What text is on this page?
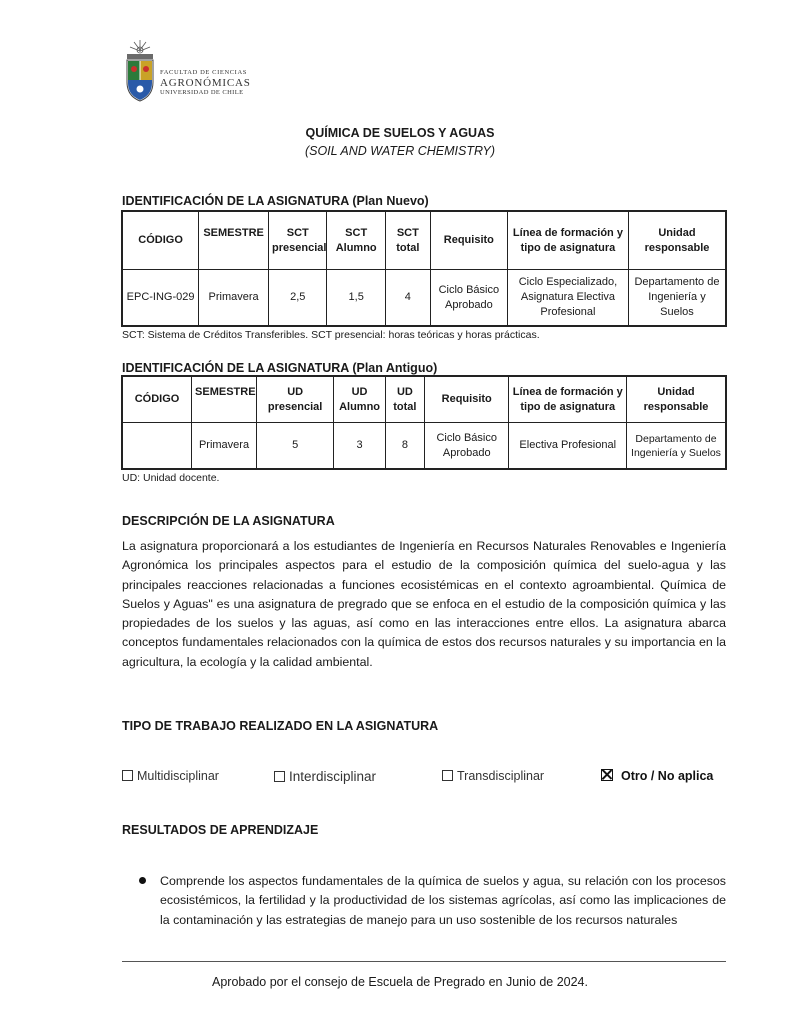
FACULTAD DE CIENCIAS
AGRONÓMICAS
UNIVERSIDAD DE CHILE
QUÍMICA DE SUELOS Y AGUAS
(SOIL AND WATER CHEMISTRY)
IDENTIFICACIÓN DE LA ASIGNATURA (Plan Nuevo)
CÓDIGO	SEMESTRE	SCT presencial	SCT Alumno	SCT total	Requisito	Línea de formación y tipo de asignatura	Unidad responsable
EPC-ING-029	Primavera	2,5	1,5	4	Ciclo Básico Aprobado	Ciclo Especializado, Asignatura Electiva Profesional	Departamento de Ingeniería y Suelos
SCT: Sistema de Créditos Transferibles. SCT presencial: horas teóricas y horas prácticas.
IDENTIFICACIÓN DE LA ASIGNATURA (Plan Antiguo)
CÓDIGO	SEMESTRE	UD presencial	UD Alumno	UD total	Requisito	Línea de formación y tipo de asignatura	Unidad responsable
	Primavera	5	3	8	Ciclo Básico Aprobado	Electiva Profesional	Departamento de Ingeniería y Suelos
UD: Unidad docente.
DESCRIPCIÓN DE LA ASIGNATURA
La asignatura proporcionará a los estudiantes de Ingeniería en Recursos Naturales Renovables e Ingeniería Agronómica los principales aspectos para el estudio de la composición química del suelo-agua y las principales reacciones relacionadas a funciones ecosistémicas en el contexto agroambiental. Química de Suelos y Aguas" es una asignatura de pregrado que se enfoca en el estudio de la composición química y las propiedades de los suelos y las aguas, así como en las interacciones entre ellos. La asignatura abarca conceptos fundamentales relacionados con la química de estos dos recursos naturales y su importancia en la agricultura, la ecología y la calidad ambiental.
TIPO DE TRABAJO REALIZADO EN LA ASIGNATURA
Multidisciplinar	Interdisciplinar	Transdisciplinar	Otro / No aplica
RESULTADOS DE APRENDIZAJE
Comprende los aspectos fundamentales de la química de suelos y agua, su relación con los procesos ecosistémicos, la fertilidad y la productividad de los sistemas agrícolas, así como las implicaciones de la contaminación y las estrategias de manejo para un uso sostenible de los recursos naturales
Aprobado por el consejo de Escuela de Pregrado en Junio de 2024.
